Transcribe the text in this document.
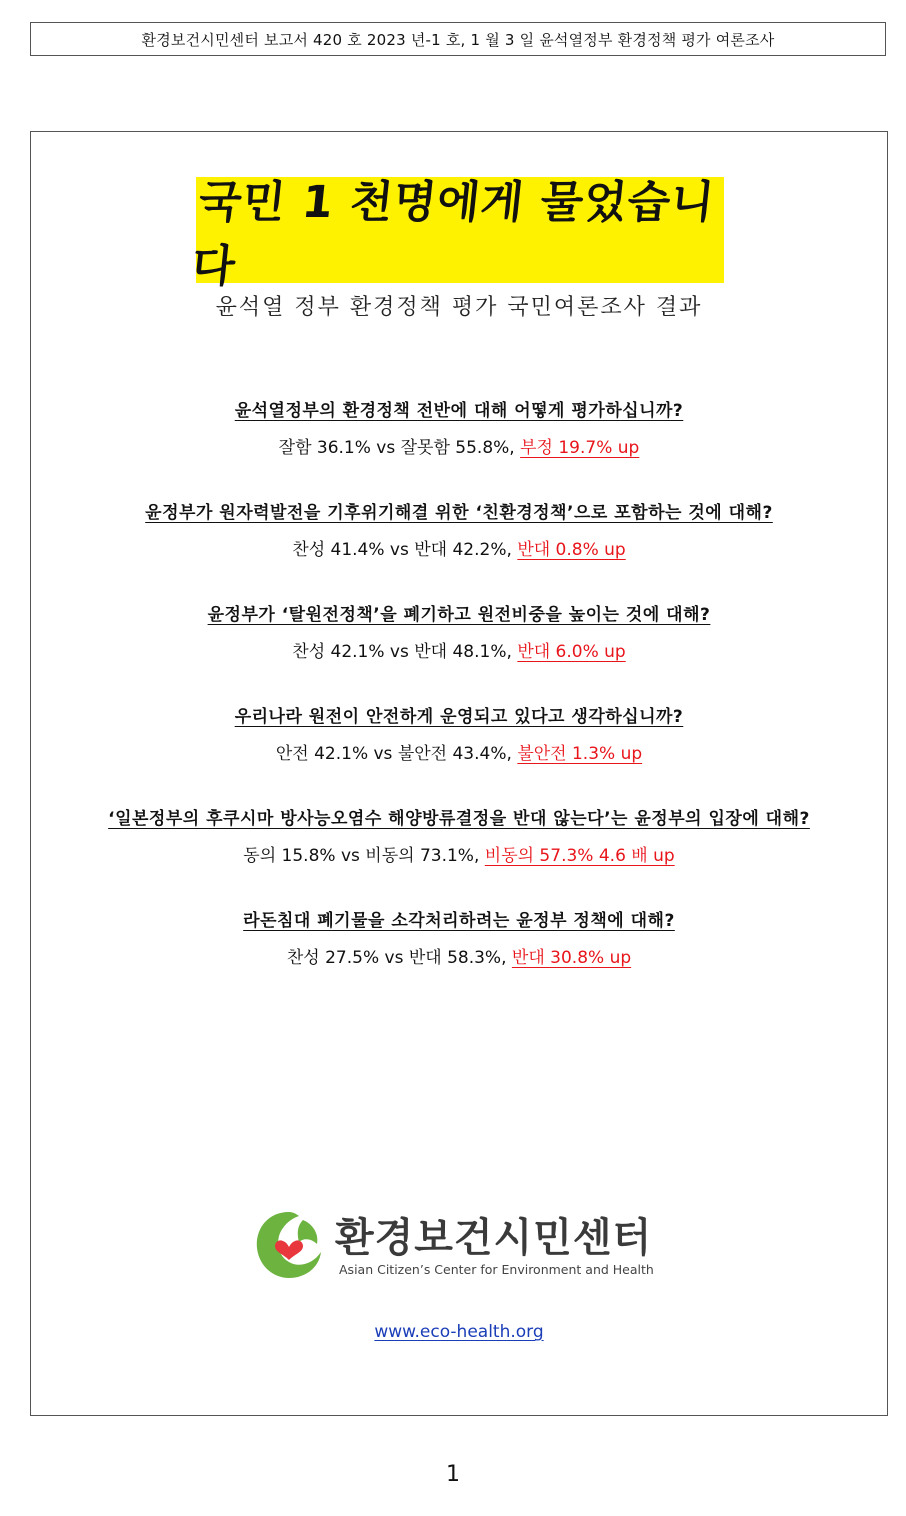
환경보건시민센터 보고서 420 호 2023 년-1 호, 1 월 3 일 윤석열정부 환경정책 평가 여론조사
국민 1 천명에게 물었습니다
윤석열 정부 환경정책 평가 국민여론조사 결과
윤석열정부의 환경정책 전반에 대해 어떻게 평가하십니까?
잘함 36.1% vs 잘못함 55.8%, 부정 19.7% up
윤정부가 원자력발전을 기후위기해결 위한 ‘친환경정책’으로 포함하는 것에 대해?
찬성 41.4% vs 반대 42.2%, 반대 0.8% up
윤정부가 ‘탈원전정책’을 폐기하고 원전비중을 높이는 것에 대해?
찬성 42.1% vs 반대 48.1%, 반대 6.0% up
우리나라 원전이 안전하게 운영되고 있다고 생각하십니까?
안전 42.1% vs 불안전 43.4%, 불안전 1.3% up
‘일본정부의 후쿠시마 방사능오염수 해양방류결정을 반대 않는다’는 윤정부의 입장에 대해?
동의 15.8% vs 비동의 73.1%, 비동의 57.3% 4.6 배 up
라돈침대 폐기물을 소각처리하려는 윤정부 정책에 대해?
찬성 27.5% vs 반대 58.3%, 반대 30.8% up
환경보건시민센터
Asian Citizen’s Center for Environment and Health
www.eco-health.org
1
